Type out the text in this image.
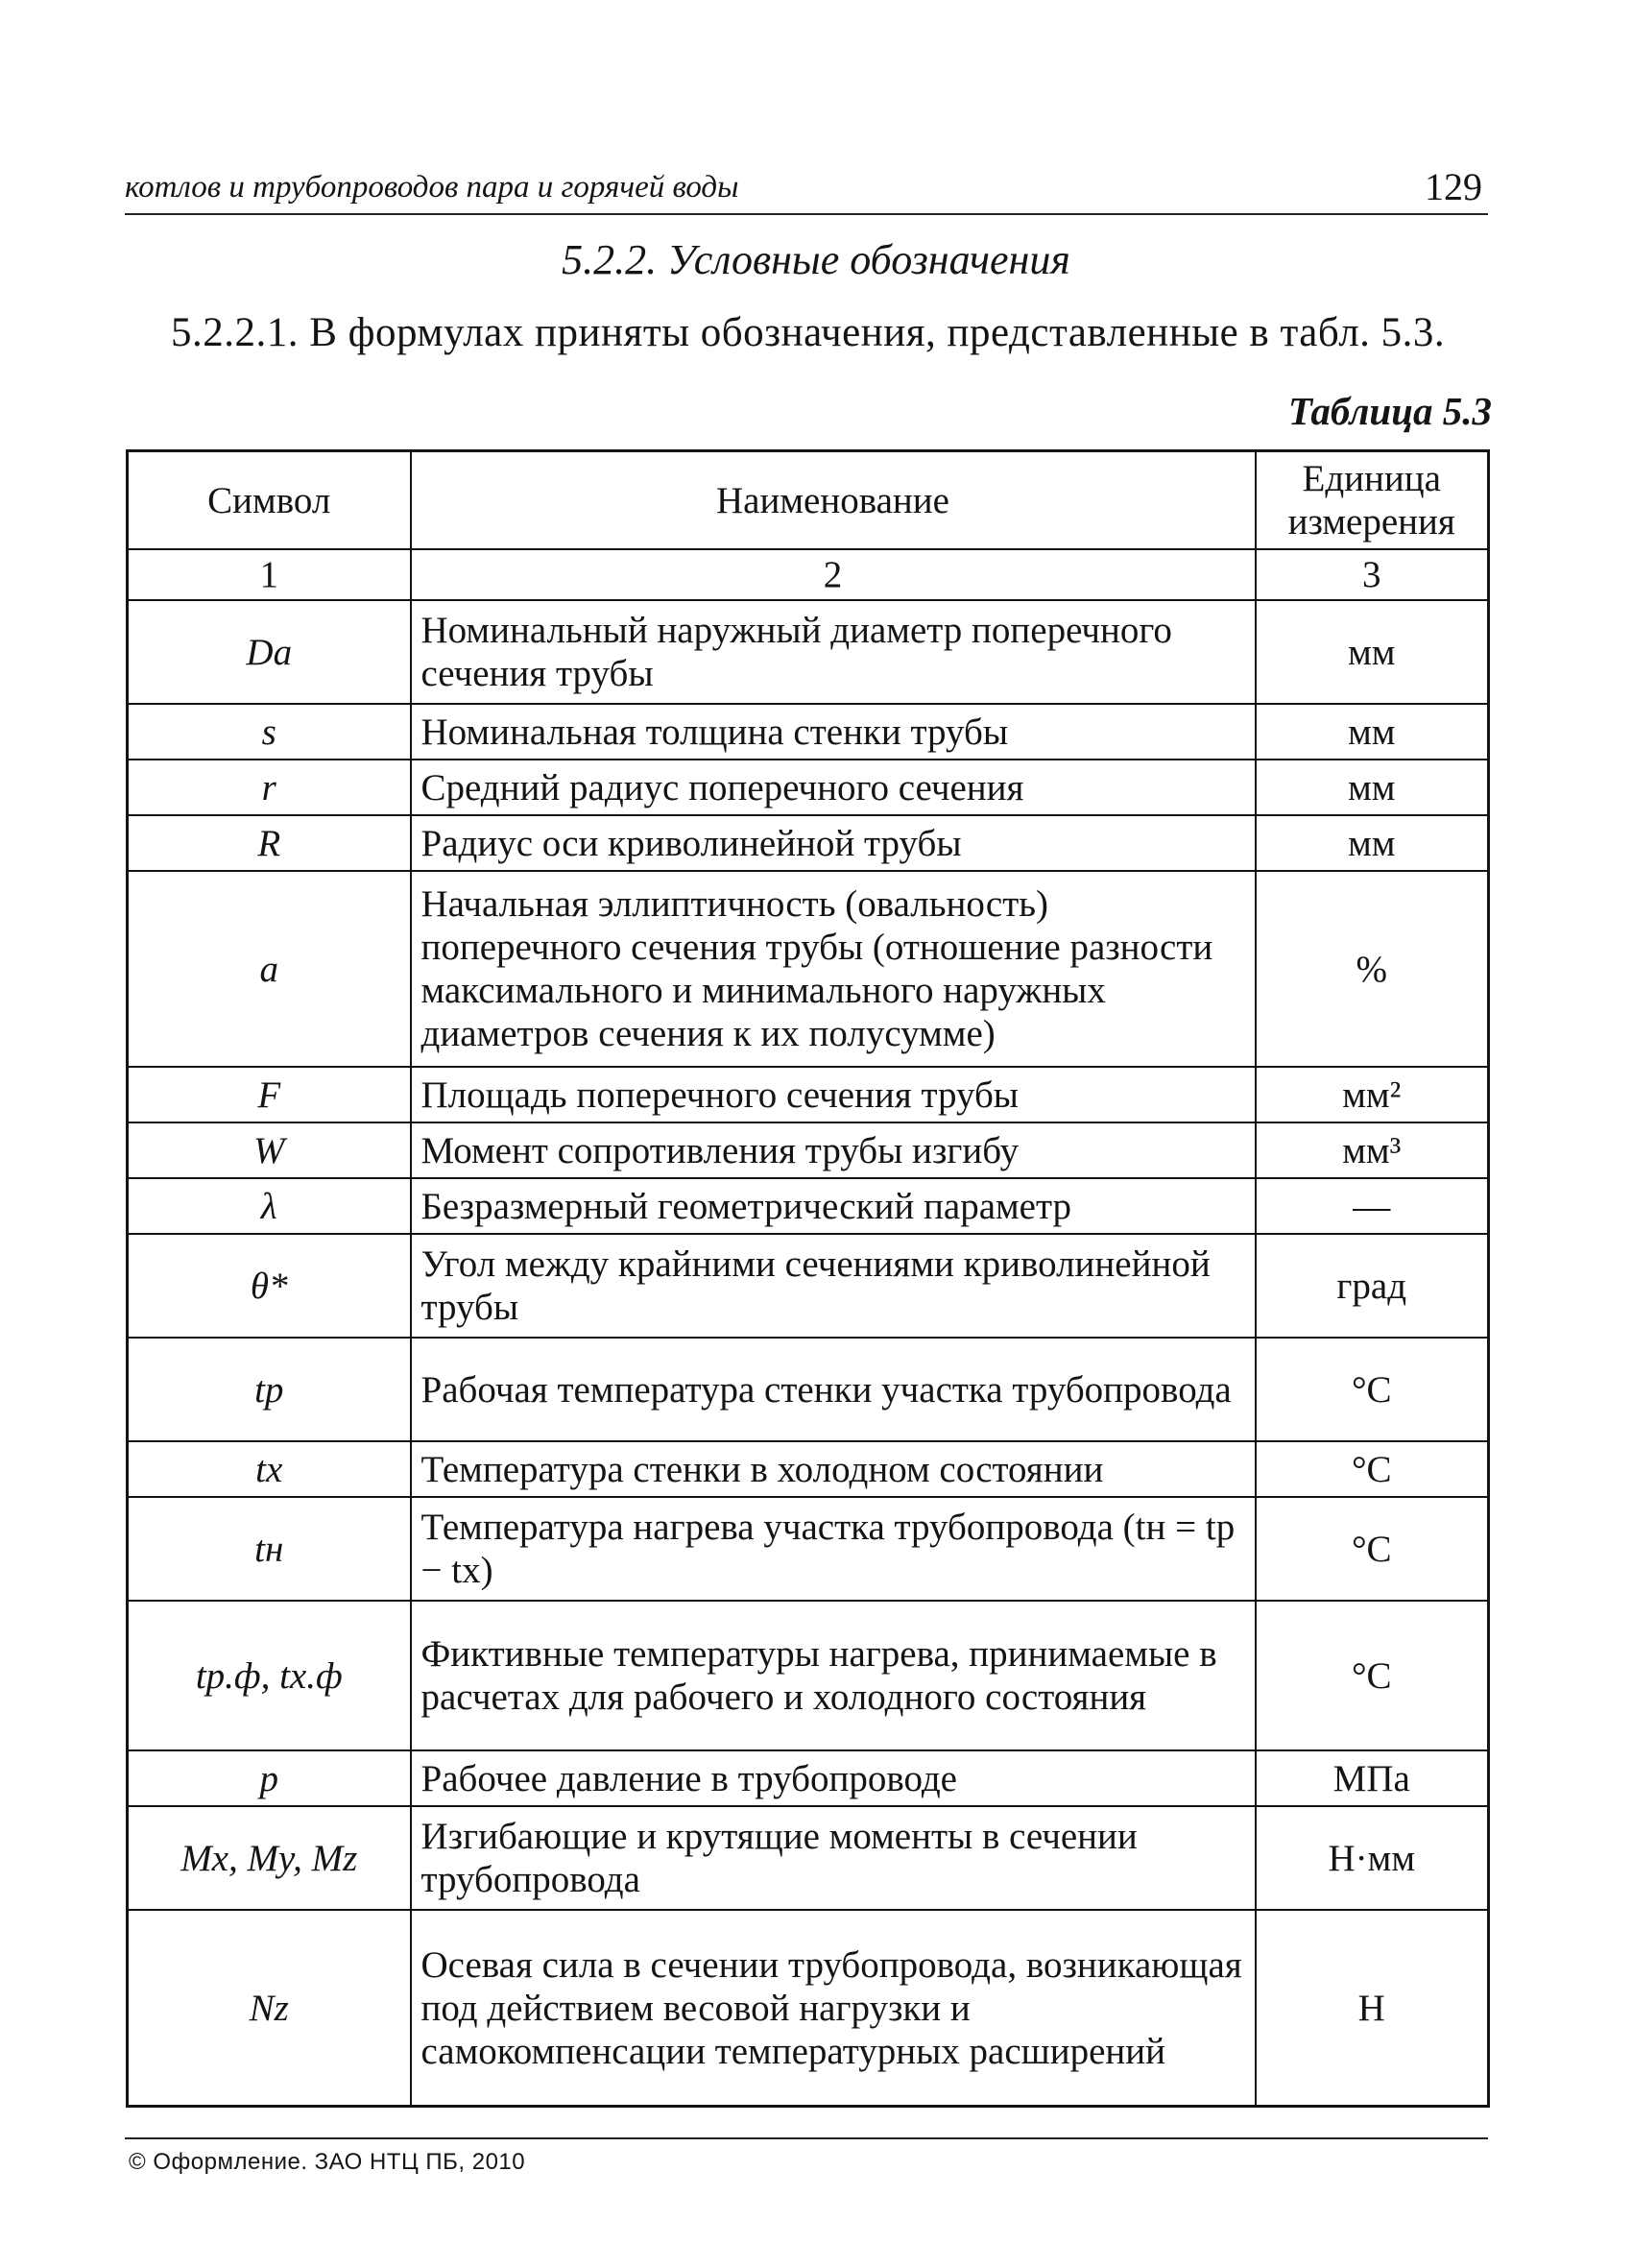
котлов и трубопроводов пара и горячей воды	129
5.2.2. Условные обозначения
5.2.2.1. В формулах приняты обозначения, представленные в табл. 5.3.
Таблица 5.3
Символ	Наименование	Единица измерения
1	2	3
Da	Номинальный наружный диаметр поперечного сечения трубы	мм
s	Номинальная толщина стенки трубы	мм
r	Средний радиус поперечного сечения	мм
R	Радиус оси криволинейной трубы	мм
a	Начальная эллиптичность (овальность) поперечного сечения трубы (отношение разности максимального и минимального наружных диаметров сечения к их полусумме)	%
F	Площадь поперечного сечения трубы	мм²
W	Момент сопротивления трубы изгибу	мм³
λ	Безразмерный геометрический параметр	—
θ*	Угол между крайними сечениями криволинейной трубы	град
tр	Рабочая температура стенки участка трубопровода	°С
tх	Температура стенки в холодном состоянии	°С
tн	Температура нагрева участка трубопровода (tн = tр − tх)	°С
tр.ф, tх.ф	Фиктивные температуры нагрева, принимаемые в расчетах для рабочего и холодного состояния	°С
p	Рабочее давление в трубопроводе	МПа
Mx, My, Mz	Изгибающие и крутящие моменты в сечении трубопровода	Н·мм
Nz	Осевая сила в сечении трубопровода, возникающая под действием весовой нагрузки и самокомпенсации температурных расширений	Н
© Оформление. ЗАО НТЦ ПБ, 2010
